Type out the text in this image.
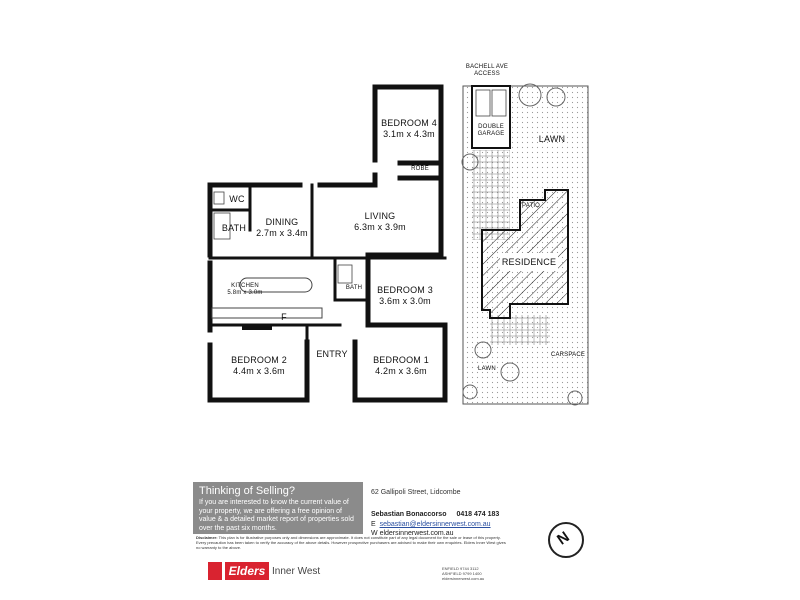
BEDROOM 4
3.1m x 4.3m
ROBE
WC
BATH
DINING
2.7m x 3.4m
LIVING
6.3m x 3.9m
KITCHEN
5.8m x 3.0m
BATH	BEDROOM 3
3.6m x 3.0m
F
BEDROOM 2
4.4m x 3.6m
ENTRY
BEDROOM 1
4.2m x 3.6m
BACHELL AVE
ACCESS
DOUBLE
GARAGE	LAWN
PATIO
RESIDENCE
LAWN
CARSPACE
Thinking of Selling?
If you are interested to know the current value of your property, we are offering a free opinion of value & a detailed market report of properties sold over the past six months.
62 Gallipoli Street, Lidcombe
Sebastian Bonaccorso 0418 474 183
E sebastian@eldersinnerwest.com.au
W eldersinnerwest.com.au
Disclaimer: This plan is for illustrative purposes only and dimensions are approximate. It does not constitute part of any legal document for the sale or lease of this property. Every precaution has been taken to verify the accuracy of the above details. However prospective purchasers are advised to make their own enquiries. Elders Inner West gives no warranty to the above.
Elders Inner West	ENFIELD 9744 3112
ASHFIELD 9799 1400
eldersinnerwest.com.au
N
